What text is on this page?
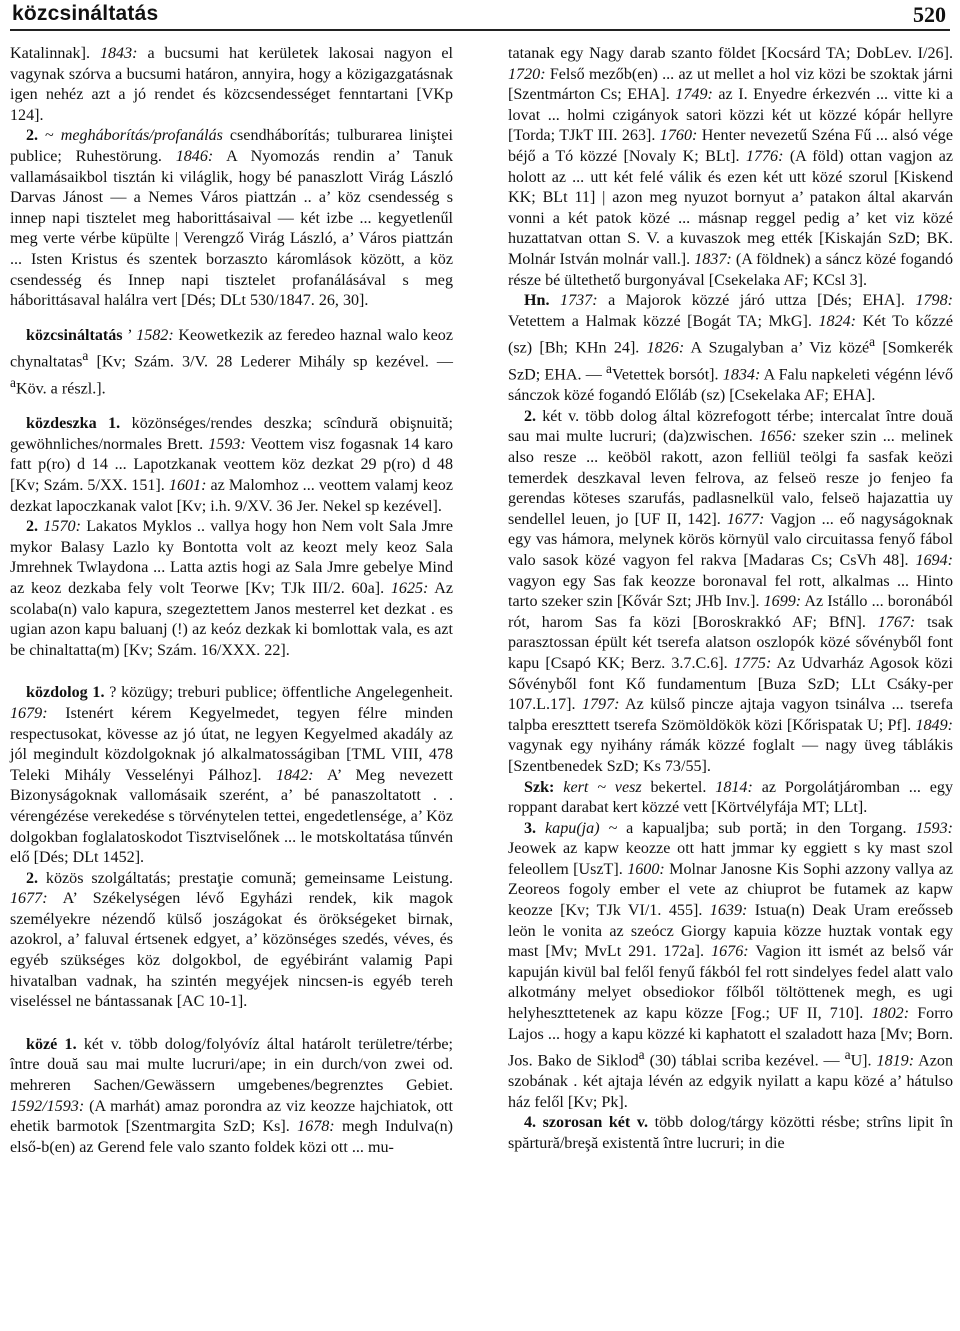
közcsináltatás	520

Katalinnak]. 1843: a bucsumi hat kerületek lakosai nagyon el vagynak szórva a bucsumi határon, annyira, hogy a közigazgatásnak igen nehéz azt a jó rendet és közcsendességet fenntartani [VKp 124].

2. ~ megháborítás/profanálás csendháborítás; tulburarea liniştei publice; Ruhestörung. 1846: A Nyomozás rendin a’ Tanuk vallamásaikbol tisztán ki világlik, hogy bé panaszlott Virág László Darvas Jánost — a Nemes Város piattzán .. a’ köz csendesség s innep napi tisztelet meg haborittásaival — két izbe ... kegyetlenűl meg verte vérbe küpülte | Verengző Virág László, a’ Város piattzán ... Isten Kristus és szentek borzaszto káromlások között, a köz csendesség és Innep napi tisztelet profanálásával s meg háborittásaval halálra vert [Dés; DLt 530/1847. 26, 30].

közcsináltatás ’ 1582: Keowetkezik az feredeo haznal walo keoz chynaltatas$^a$ [Kv; Szám. 3/V. 28 Lederer Mihály sp kezével. — $^a$Köv. a részl.].

közdeszka 1. közönséges/rendes deszka; scîndură obişnuită; gewöhnliches/normales Brett. 1593: Veottem visz fogasnak 14 karo fatt p(ro) d 14 ... Lapotzkanak veottem köz dezkat 29 p(ro) d 48 [Kv; Szám. 5/XX. 151]. 1601: az Malomhoz ... veottem valamj keoz dezkat lapoczkanak valot [Kv; i.h. 9/XV. 36 Jer. Nekel sp kezével].

2. 1570: Lakatos Myklos .. vallya hogy hon Nem volt Sala Jmre mykor Balasy Lazlo ky Bontotta volt az keozt mely keoz Sala Jmrehnek Twlaydona ... Latta aztis hogi az Sala Jmre gebelye Mind az keoz dezkaba fely volt Teorwe [Kv; TJk III/2. 60a]. 1625: Az scolaba(n) valo kapura, szegeztettem Janos mesterrel ket dezkat . es ugian azon kapu baluanj (!) az keóz dezkak ki bomlottak vala, es azt be chinaltatta(m) [Kv; Szám. 16/XXX. 22].

közdolog 1. ? közügy; treburi publice; öffentliche Angelegenheit. 1679: Istenért kérem Kegyelmedet, tegyen félre minden respectusokat, kövesse az jó útat, ne legyen Kegyelmed akadály az jól megindult közdolgoknak jó alkalmatosságiban [TML VIII, 478 Teleki Mihály Vesselényi Pálhoz]. 1842: A’ Meg nevezett Bizonyságoknak vallomásaik szerént, a’ bé panaszoltatott . . vérengézése verekedése s törvénytelen tettei, engedetlensége, a’ Köz dolgokban foglalatoskodot Tisztviselőnek ... le motskoltatása tűnvén elő [Dés; DLt 1452].

2. közös szolgáltatás; prestaţie comună; gemeinsame Leistung. 1677: A’ Székelységen lévő Egyházi rendek, kik magok személyekre nézendő külső joszágokat és örökségeket birnak, azokrol, a’ faluval értsenek edgyet, a’ közönséges szedés, véves, és egyéb szükséges köz dolgokbol, de egyébiránt valamig Papi hivatalban vadnak, ha szintén megyéjek nincsen-is egyéb tereh viseléssel ne bántassanak [AC 10-1].

közé 1. két v. több dolog/folyóvíz által határolt területre/térbe; între două sau mai multe lucruri/ape; in ein durch/von zwei od. mehreren Sachen/Gewässern umgebenes/begrenztes Gebiet. 1592/1593: (A marhát) amaz porondra az viz keozze hajchiatok, ott ehetik barmotok [Szentmargita SzD; Ks]. 1678: megh Indulva(n) első-b(en) az Gerend fele valo szanto foldek közi ott ... mu-

tatanak egy Nagy darab szanto földet [Kocsárd TA; DobLev. I/26]. 1720: Felső mezőb(en) ... az ut mellet a hol viz közi be szoktak járni [Szentmárton Cs; EHA]. 1749: az I. Enyedre érkezvén ... vitte ki a lovat ... holmi czigányok satori közzi két ut közzé kópár hellyre [Torda; TJkT III. 263]. 1760: Henter nevezetű Széna Fű ... alsó vége béjő a Tó közzé [Novaly K; BLt]. 1776: (A föld) ottan vagjon az holott az ... utt két felé válik és ezen két utt közé szorul [Kiskend KK; BLt 11] | azon meg nyuzot bornyut a’ patakon által akarván vonni a két patok közé ... másnap reggel pedig a’ ket viz közé huzattatvan ottan S. V. a kuvaszok meg ették [Kiskaján SzD; BK. Molnár István molnár vall.]. 1837: (A földnek) a sáncz közé fogandó része bé ültethető burgonyával [Csekelaka AF; KCsl 3].

Hn. 1737: a Majorok közzé járó uttza [Dés; EHA]. 1798: Vetettem a Halmak közzé [Bogát TA; MkG]. 1824: Két To kőzzé (sz) [Bh; KHn 24]. 1826: A Szugalyban a’ Viz közé$^a$ [Somkerék SzD; EHA. — $^a$Vetettek borsót]. 1834: A Falu napkeleti végénn lévő sánczok közé fogandó Előláb (sz) [Csekelaka AF; EHA].

2. két v. több dolog által közrefogott térbe; intercalat între două sau mai multe lucruri; (da)zwischen. 1656: szeker szin ... melinek also resze ... keöböl rakott, azon felliül teölgi fa sasfak keözi temerdek deszkaval leven felrova, az felseö resze jo fenjeo fa gerendas köteses szarufás, padlasnelkül valo, felseö hajazattia uy sendellel leuen, jo [UF II, 142]. 1677: Vagjon ... eő nagyságoknak egy vas hámora, melynek körös környül valo circuitassa fenyő fábol valo sasok közé vagyon fel rakva [Madaras Cs; CsVh 48]. 1694: vagyon egy Sas fak keozze boronaval fel rott, alkalmas ... Hinto tarto szeker szin [Kővár Szt; JHb Inv.]. 1699: Az Istállo ... boronából rót, harom Sas fa közi [Boroskrakkó AF; BfN]. 1767: tsak parasztossan épült két tserefa alatson oszlopók közé sővényből font kapu [Csapó KK; Berz. 3.7.C.6]. 1775: Az Udvarház Agosok közi Sővényből font Kő fundamentum [Buza SzD; LLt Csáky-per 107.L.17]. 1797: Az külső pincze ajtaja vagyon tsinálva ... tserefa talpba ereszttett tserefa Szömöldökök közi [Kőrispatak U; Pf]. 1849: vagynak egy nyihány rámák közzé foglalt — nagy üveg táblákis [Szentbenedek SzD; Ks 73/55].

Szk: kert ~ vesz bekertel. 1814: az Porgolátjáromban ... egy roppant darabat kert közzé vett [Körtvélyfája MT; LLt].

3. kapu(ja) ~ a kapualjba; sub portă; in den Torgang. 1593: Jeowek az kapw keozze ott hatt jmmar ky eggiett s ky mast szol feleollem [UszT]. 1600: Molnar Janosne Kis Sophi azzony vallya az Zeoreos fogoly ember el vete az chiuprot be futamek az kapw keozze [Kv; TJk VI/1. 455]. 1639: Istua(n) Deak Uram ereősseb leön le vonita az szeócz Giorgy kapuia közze huztak vontak egy mast [Mv; MvLt 291. 172a]. 1676: Vagion itt ismét az belső vár kapuján kivül bal felől fenyű fákból fel rott sindelyes fedel alatt valo alkotmány melyet obsediokor főlből töltöttenek megh, es ugi helyheszttetenek az kapu közze [Fog.; UF II, 710]. 1802: Forro Lajos ... hogy a kapu közzé ki kaphatott el szaladott haza [Mv; Born. Jos. Bako de Siklod$^a$ (30) táblai scriba kezével. — $^a$U]. 1819: Azon szobának . két ajtaja lévén az edgyik nyilatt a kapu közé a’ hátulso ház felől [Kv; Pk].

4. szorosan két v. több dolog/tárgy közötti résbe; strîns lipit în spărtură/breşă existentă între lucruri; in die
